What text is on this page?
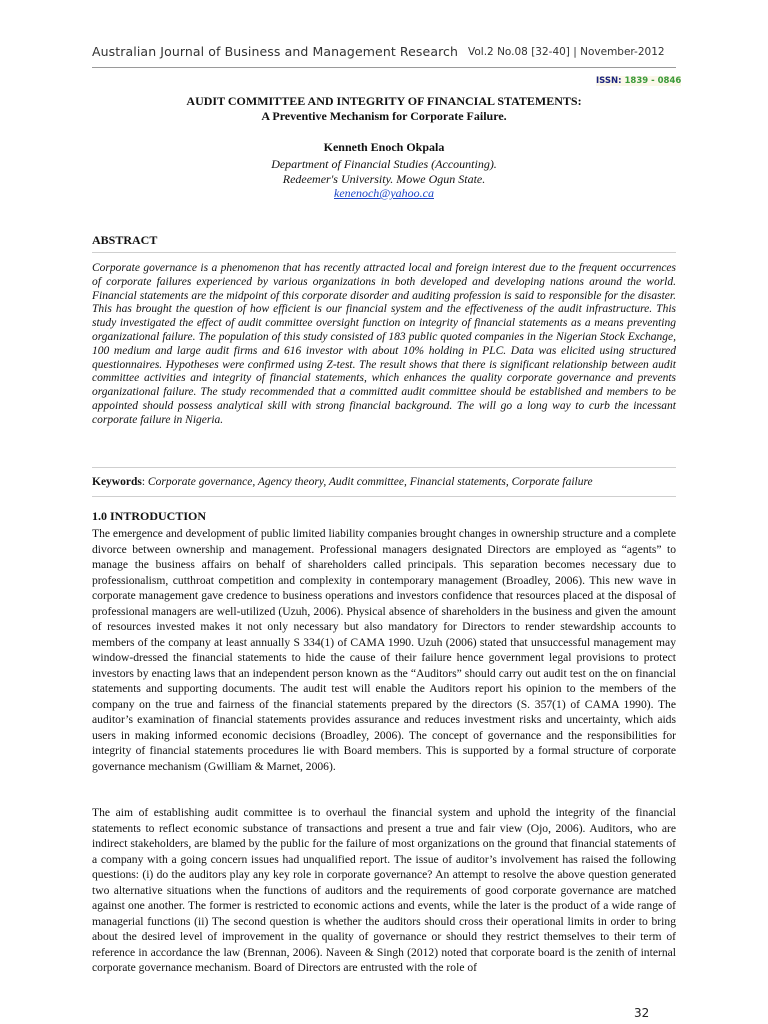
Australian Journal of Business and Management Research Vol.2 No.08 [32-40] | November-2012
ISSN: 1839 - 0846
AUDIT COMMITTEE AND INTEGRITY OF FINANCIAL STATEMENTS:
A Preventive Mechanism for Corporate Failure.
Kenneth Enoch Okpala
Department of Financial Studies (Accounting).
Redeemer's University. Mowe Ogun State.
kenenoch@yahoo.ca
ABSTRACT
Corporate governance is a phenomenon that has recently attracted local and foreign interest due to the frequent occurrences of corporate failures experienced by various organizations in both developed and developing nations around the world. Financial statements are the midpoint of this corporate disorder and auditing profession is said to responsible for the disaster. This has brought the question of how efficient is our financial system and the effectiveness of the audit infrastructure. This study investigated the effect of audit committee oversight function on integrity of financial statements as a means preventing organizational failure. The population of this study consisted of 183 public quoted companies in the Nigerian Stock Exchange, 100 medium and large audit firms and 616 investor with about 10% holding in PLC. Data was elicited using structured questionnaires. Hypotheses were confirmed using Z-test. The result shows that there is significant relationship between audit committee activities and integrity of financial statements, which enhances the quality corporate governance and prevents organizational failure. The study recommended that a committed audit committee should be established and members to be appointed should possess analytical skill with strong financial background. The will go a long way to curb the incessant corporate failure in Nigeria.
Keywords: Corporate governance, Agency theory, Audit committee, Financial statements, Corporate failure
1.0 INTRODUCTION
The emergence and development of public limited liability companies brought changes in ownership structure and a complete divorce between ownership and management. Professional managers designated Directors are employed as “agents” to manage the business affairs on behalf of shareholders called principals. This separation becomes necessary due to professionalism, cutthroat competition and complexity in contemporary management (Broadley, 2006). This new wave in corporate management gave credence to business operations and investors confidence that resources placed at the disposal of professional managers are well-utilized (Uzuh, 2006). Physical absence of shareholders in the business and given the amount of resources invested makes it not only necessary but also mandatory for Directors to render stewardship accounts to members of the company at least annually S 334(1) of CAMA 1990. Uzuh (2006) stated that unsuccessful management may window-dressed the financial statements to hide the cause of their failure hence government legal provisions to protect investors by enacting laws that an independent person known as the “Auditors” should carry out audit test on the on financial statements and supporting documents. The audit test will enable the Auditors report his opinion to the members of the company on the true and fairness of the financial statements prepared by the directors (S. 357(1) of CAMA 1990). The auditor’s examination of financial statements provides assurance and reduces investment risks and uncertainty, which aids users in making informed economic decisions (Broadley, 2006). The concept of governance and the responsibilities for integrity of financial statements procedures lie with Board members. This is supported by a formal structure of corporate governance mechanism (Gwilliam & Marnet, 2006).
The aim of establishing audit committee is to overhaul the financial system and uphold the integrity of the financial statements to reflect economic substance of transactions and present a true and fair view (Ojo, 2006). Auditors, who are indirect stakeholders, are blamed by the public for the failure of most organizations on the ground that financial statements of a company with a going concern issues had unqualified report. The issue of auditor’s involvement has raised the following questions: (i) do the auditors play any key role in corporate governance? An attempt to resolve the above question generated two alternative situations when the functions of auditors and the requirements of good corporate governance are matched against one another. The former is restricted to economic actions and events, while the later is the product of a wide range of managerial functions (ii) The second question is whether the auditors should cross their operational limits in order to bring about the desired level of improvement in the quality of governance or should they restrict themselves to their term of reference in accordance the law (Brennan, 2006). Naveen & Singh (2012) noted that corporate board is the zenith of internal corporate governance mechanism. Board of Directors are entrusted with the role of
32
